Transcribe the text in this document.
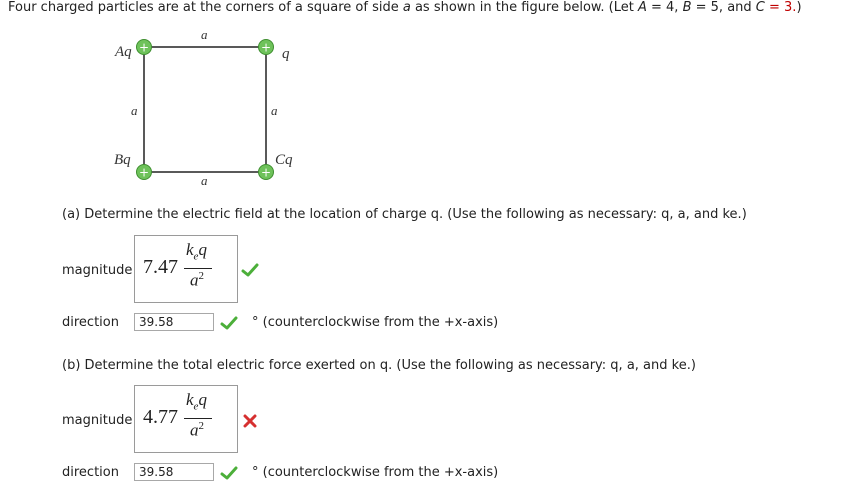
Four charged particles are at the corners of a square of side a as shown in the figure below. (Let A = 4, B = 5, and C = 3.)
+	+
+	+
Aq	q
Bq	Cq
a
a
a	a
(a) Determine the electric field at the location of charge q. (Use the following as necessary: q, a, and ke.)
magnitude 7.47
$k_eq$
$a^2$
direction	39.58	° (counterclockwise from the +x-axis)
(b) Determine the total electric force exerted on q. (Use the following as necessary: q, a, and ke.)
magnitude 4.77
$k_eq$
$a^2$
direction	39.58	° (counterclockwise from the +x-axis)
